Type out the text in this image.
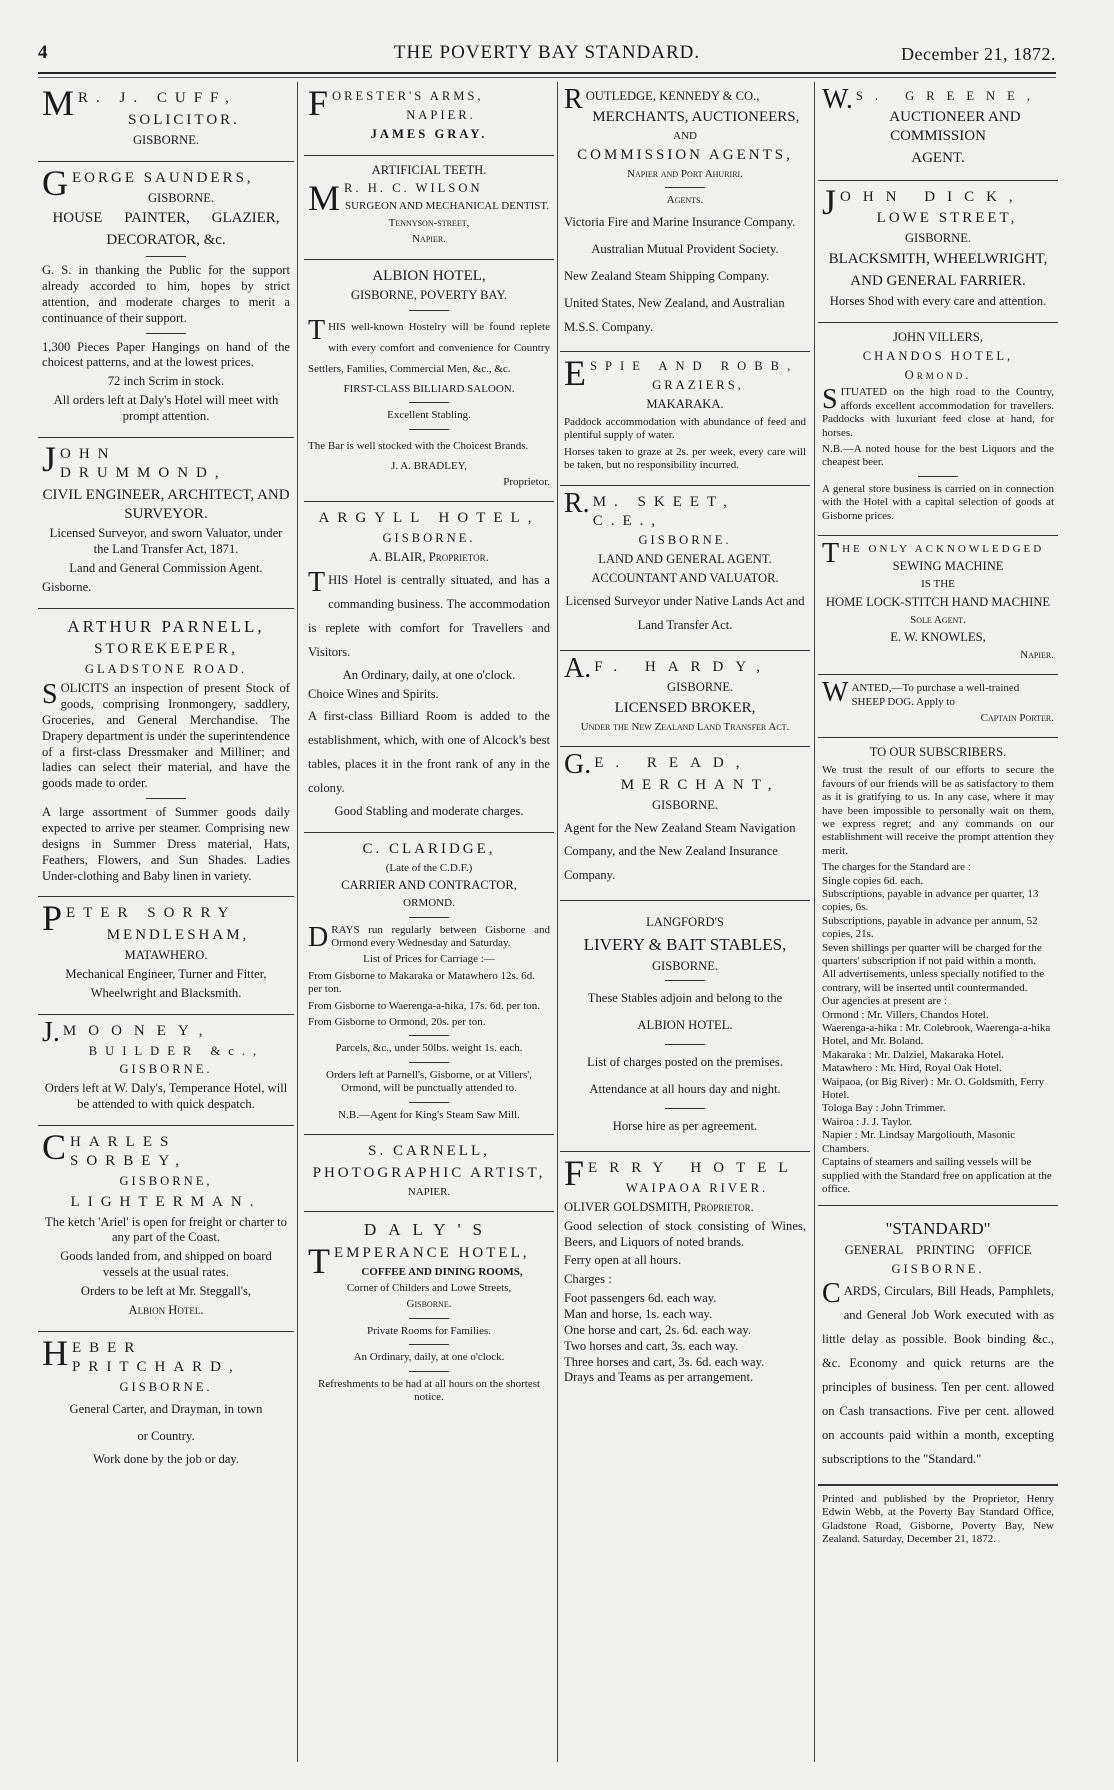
4	THE POVERTY BAY STANDARD.	December 21, 1872.
M R. J. CUFF,

SOLICITOR.

GISBORNE.

G EORGE SAUNDERS,

GISBORNE.

HOUSE PAINTER, GLAZIER,

DECORATOR, &c.

G. S. in thanking the Public for the support already accorded to him, hopes by strict attention, and moderate charges to merit a continuance of their support.

1,300 Pieces Paper Hangings on hand of the choicest patterns, and at the lowest prices.

72 inch Scrim in stock.

All orders left at Daly's Hotel will meet with prompt attention.

J OHN DRUMMOND,

CIVIL ENGINEER, ARCHITECT, AND SURVEYOR.

Licensed Surveyor, and sworn Valuator, under the Land Transfer Act, 1871.

Land and General Commission Agent.

Gisborne.

ARTHUR PARNELL,

STOREKEEPER,

GLADSTONE ROAD.

SOLICITS an inspection of present Stock of goods, comprising Ironmongery, saddlery, Groceries, and General Merchandise. The Drapery department is under the superintendence of a first-class Dressmaker and Milliner; and ladies can select their material, and have the goods made to order.

A large assortment of Summer goods daily expected to arrive per steamer. Comprising new designs in Summer Dress material, Hats, Feathers, Flowers, and Sun Shades. Ladies Under-clothing and Baby linen in variety.

P ETER SORRY

MENDLESHAM,

MATAWHERO.

Mechanical Engineer, Turner and Fitter,

Wheelwright and Blacksmith.

J. MOONEY,

BUILDER &c.,

GISBORNE.

Orders left at W. Daly's, Temperance Hotel, will be attended to with quick despatch.

C HARLES SORBEY,

GISBORNE,

LIGHTERMAN.

The ketch 'Ariel' is open for freight or charter to any part of the Coast.

Goods landed from, and shipped on board vessels at the usual rates.

Orders to be left at Mr. Steggall's,

Albion Hotel.

H EBER PRITCHARD,

GISBORNE.

General Carter, and Drayman, in town

or Country.

Work done by the job or day.

F ORESTER'S ARMS,

NAPIER.

JAMES GRAY.

ARTIFICIAL TEETH.

M R. H. C. WILSON

SURGEON AND MECHANICAL DENTIST.

Tennyson-street,

Napier.

ALBION HOTEL,

GISBORNE, POVERTY BAY.

THIS well-known Hostelry will be found replete with every comfort and convenience for Country Settlers, Families, Commercial Men, &c., &c.

FIRST-CLASS BILLIARD SALOON.

Excellent Stabling.

The Bar is well stocked with the Choicest Brands.

J. A. BRADLEY,

Proprietor.

ARGYLL HOTEL,

GISBORNE.

A. BLAIR, Proprietor.

THIS Hotel is centrally situated, and has a commanding business. The accommodation is replete with comfort for Travellers and Visitors.

An Ordinary, daily, at one o'clock.

Choice Wines and Spirits.

A first-class Billiard Room is added to the establishment, which, with one of Alcock's best tables, places it in the front rank of any in the colony.

Good Stabling and moderate charges.

C. CLARIDGE,

(Late of the C.D.F.)

CARRIER AND CONTRACTOR,

ORMOND.

DRAYS run regularly between Gisborne and Ormond every Wednesday and Saturday.

List of Prices for Carriage :—

From Gisborne to Makaraka or Matawhero 12s. 6d. per ton.

From Gisborne to Waerenga-a-hika, 17s. 6d. per ton.

From Gisborne to Ormond, 20s. per ton.

Parcels, &c., under 50lbs. weight 1s. each.

Orders left at Parnell's, Gisborne, or at Villers', Ormond, will be punctually attended to.

N.B.—Agent for King's Steam Saw Mill.

S. CARNELL,

PHOTOGRAPHIC ARTIST,

NAPIER.

DALY'S

T EMPERANCE HOTEL,

COFFEE AND DINING ROOMS,

Corner of Childers and Lowe Streets,

Gisborne.

Private Rooms for Families.

An Ordinary, daily, at one o'clock.

Refreshments to be had at all hours on the shortest notice.

R OUTLEDGE, KENNEDY & CO.,

MERCHANTS, AUCTIONEERS,

AND

COMMISSION AGENTS,

Napier and Port Ahuriri.

Agents.

Victoria Fire and Marine Insurance Company.

Australian Mutual Provident Society.

New Zealand Steam Shipping Company.

United States, New Zealand, and Australian M.S.S. Company.

E SPIE AND ROBB,

GRAZIERS,

MAKARAKA.

Paddock accommodation with abundance of feed and plentiful supply of water.

Horses taken to graze at 2s. per week, every care will be taken, but no responsibility incurred.

R. M. SKEET, C.E.,

GISBORNE.

LAND AND GENERAL AGENT.

ACCOUNTANT AND VALUATOR.

Licensed Surveyor under Native Lands Act and Land Transfer Act.

A. F. HARDY,

GISBORNE.

LICENSED BROKER,

Under the New Zealand Land Transfer Act.

G. E. READ,

MERCHANT,

GISBORNE.

Agent for the New Zealand Steam Navigation Company, and the New Zealand Insurance Company.

LANGFORD'S

LIVERY & BAIT STABLES,

GISBORNE.

These Stables adjoin and belong to the

ALBION HOTEL.

List of charges posted on the premises.

Attendance at all hours day and night.

Horse hire as per agreement.

F ERRY HOTEL

WAIPAOA RIVER.

OLIVER GOLDSMITH, Proprietor.

Good selection of stock consisting of Wines, Beers, and Liquors of noted brands.

Ferry open at all hours.

Charges :

Foot passengers 6d. each way.

Man and horse, 1s. each way.

One horse and cart, 2s. 6d. each way.

Two horses and cart, 3s. each way.

Three horses and cart, 3s. 6d. each way.

Drays and Teams as per arrangement.

W. S. GREENE,

AUCTIONEER AND COMMISSION

AGENT.

J OHN DICK,

LOWE STREET,

GISBORNE.

BLACKSMITH, WHEELWRIGHT,

AND GENERAL FARRIER.

Horses Shod with every care and attention.

JOHN VILLERS,

CHANDOS HOTEL,

Ormond.

SITUATED on the high road to the Country, affords excellent accommodation for travellers. Paddocks with luxuriant feed close at hand, for horses.

N.B.—A noted house for the best Liquors and the cheapest beer.

A general store business is carried on in connection with the Hotel with a capital selection of goods at Gisborne prices.

T HE ONLY ACKNOWLEDGED

SEWING MACHINE

IS THE

HOME LOCK-STITCH HAND MACHINE

Sole Agent.

E. W. KNOWLES,

Napier.

W ANTED,—To purchase a well-trained SHEEP DOG. Apply to

Captain Porter.

TO OUR SUBSCRIBERS.

We trust the result of our efforts to secure the favours of our friends will be as satisfactory to them as it is gratifying to us. In any case, where it may have been impossible to personally wait on them, we express regret; and any commands on our establishment will receive the prompt attention they merit.

The charges for the Standard are :

Single copies 6d. each.

Subscriptions, payable in advance per quarter, 13 copies, 6s.

Subscriptions, payable in advance per annum, 52 copies, 21s.

Seven shillings per quarter will be charged for the quarters' subscription if not paid within a month.

All advertisements, unless specially notified to the contrary, will be inserted until countermanded.

Our agencies at present are :

Ormond : Mr. Villers, Chandos Hotel.

Waerenga-a-hika : Mr. Colebrook, Waerenga-a-hika Hotel, and Mr. Boland.

Makaraka : Mr. Dalziel, Makaraka Hotel.

Matawhero : Mr. Hird, Royal Oak Hotel.

Waipaoa, (or Big River) : Mr. O. Goldsmith, Ferry Hotel.

Tologa Bay : John Trimmer.

Wairoa : J. J. Taylor.

Napier : Mr. Lindsay Margoliouth, Masonic Chambers.

Captains of steamers and sailing vessels will be supplied with the Standard free on application at the office.

"STANDARD"

GENERAL PRINTING OFFICE

GISBORNE.

CARDS, Circulars, Bill Heads, Pamphlets, and General Job Work executed with as little delay as possible. Book binding &c., &c. Economy and quick returns are the principles of business. Ten per cent. allowed on Cash transactions. Five per cent. allowed on accounts paid within a month, excepting subscriptions to the "Standard."

Printed and published by the Proprietor, Henry Edwin Webb, at the Poverty Bay Standard Office, Gladstone Road, Gisborne, Poverty Bay, New Zealand. Saturday, December 21, 1872.
